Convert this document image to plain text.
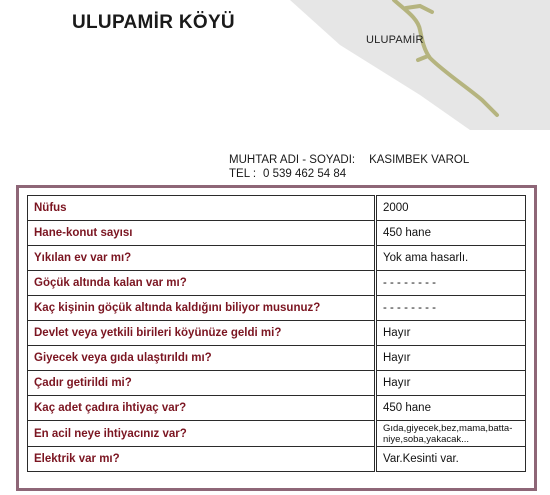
ULUPAMİR KÖYÜ
ULUPAMİR
MUHTAR ADI - SOYADI: KASIMBEK VAROL
TEL : 0 539 462 54 84
Nüfus	2000
Hane-konut sayısı	450 hane
Yıkılan ev var mı?	Yok ama hasarlı.
Göçük altında kalan var mı?	- - - - - - - -
Kaç kişinin göçük altında kaldığını biliyor musunuz?	- - - - - - - -
Devlet veya yetkili birileri köyünüze geldi mi?	Hayır
Giyecek veya gıda ulaştırıldı mı?	Hayır
Çadır getirildi mi?	Hayır
Kaç adet çadıra ihtiyaç var?	450 hane
En acil neye ihtiyacınız var?	Gıda,giyecek,bez,mama,batta-
niye,soba,yakacak...

Elektrik var mı?	Var.Kesinti var.
